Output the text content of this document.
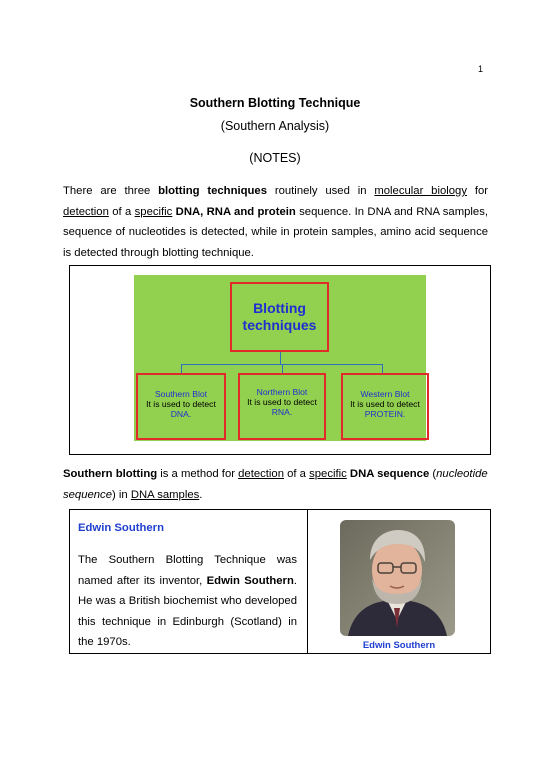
1
Southern Blotting Technique
(Southern Analysis)
(NOTES)
There are three blotting techniques routinely used in molecular biology for detection of a specific DNA, RNA and protein sequence. In DNA and RNA samples, sequence of nucleotides is detected, while in protein samples, amino acid sequence is detected through blotting technique.
Blotting
techniques
Southern Blot
It is used to detect
DNA.
Northern Blot
It is used to detect
RNA.
Western Blot
It is used to detect
PROTEIN.
Southern blotting is a method for detection of a specific DNA sequence (nucleotide sequence) in DNA samples.
Edwin Southern
The Southern Blotting Technique was named after its inventor, Edwin Southern. He was a British biochemist who developed this technique in Edinburgh (Scotland) in the 1970s.	Edwin Southern
